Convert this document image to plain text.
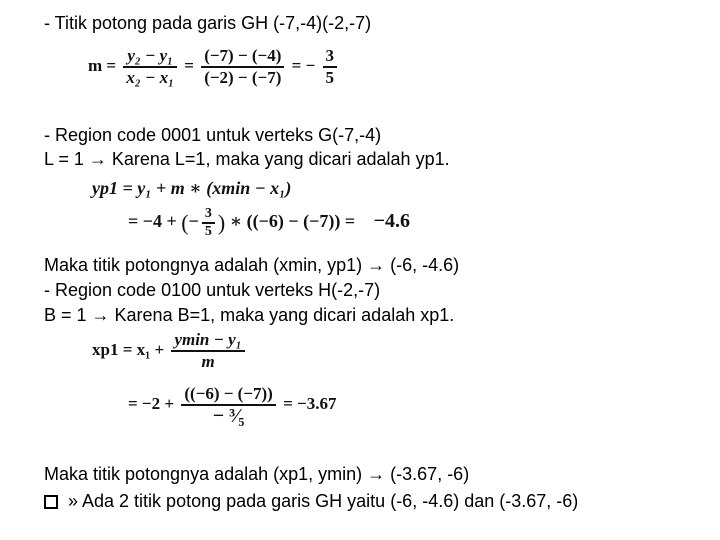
- Titik potong pada garis GH (-7,-4)(-2,-7)
$m = \frac{\text{y₂ − y₁}}{\text{x₂ − x₁}} = \frac{(-7) - (-4)}{(-2) - (-7)}$ = − $\frac{3}{5}$
- Region code 0001 untuk verteks G(-7,-4)
L = 1 → Karena L=1, maka yang dicari adalah yp1.
yp1 = y₁ + m ∗ (xmin − x₁)
= −4 + (− $\frac{3}{5}$ ) ∗ ((−6) − (−7)) = −4.6
Maka titik potongnya adalah (xmin, yp1) → (-6, -4.6)
- Region code 0100 untuk verteks H(-2,-7)
B = 1 → Karena B=1, maka yang dicari adalah xp1.
$xp1 = x_1 + \frac{\text{ymin − y₁}}{m}$
= $-2 + \frac{((-6) - (-7))}{\text{− ³⁄₅}} = -3.67$
Maka titik potongnya adalah (xp1, ymin) → (-3.67, -6)
» Ada 2 titik potong pada garis GH yaitu (-6, -4.6) dan (-3.67, -6)
